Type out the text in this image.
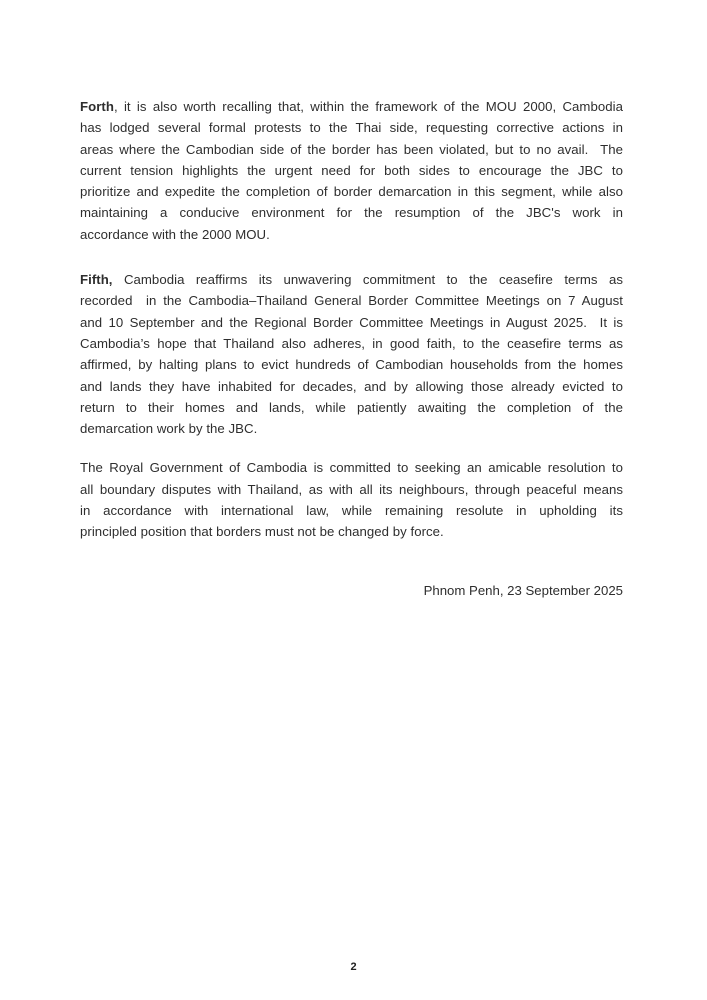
Forth, it is also worth recalling that, within the framework of the MOU 2000, Cambodia
has lodged several formal protests to the Thai side, requesting corrective actions in
areas where the Cambodian side of the border has been violated, but to no avail.  The
current tension highlights the urgent need for both sides to encourage the JBC to
prioritize and expedite the completion of border demarcation in this segment, while also
maintaining a conducive environment for the resumption of the JBC's work in
accordance with the 2000 MOU.
Fifth, Cambodia reaffirms its unwavering commitment to the ceasefire terms as
recorded  in the Cambodia–Thailand General Border Committee Meetings on 7 August
and 10 September and the Regional Border Committee Meetings in August 2025.  It is
Cambodia’s hope that Thailand also adheres, in good faith, to the ceasefire terms as
affirmed, by halting plans to evict hundreds of Cambodian households from the homes
and lands they have inhabited for decades, and by allowing those already evicted to
return to their homes and lands, while patiently awaiting the completion of the
demarcation work by the JBC.
The Royal Government of Cambodia is committed to seeking an amicable resolution to
all boundary disputes with Thailand, as with all its neighbours, through peaceful means
in accordance with international law, while remaining resolute in upholding its
principled position that borders must not be changed by force.
Phnom Penh, 23 September 2025
2
